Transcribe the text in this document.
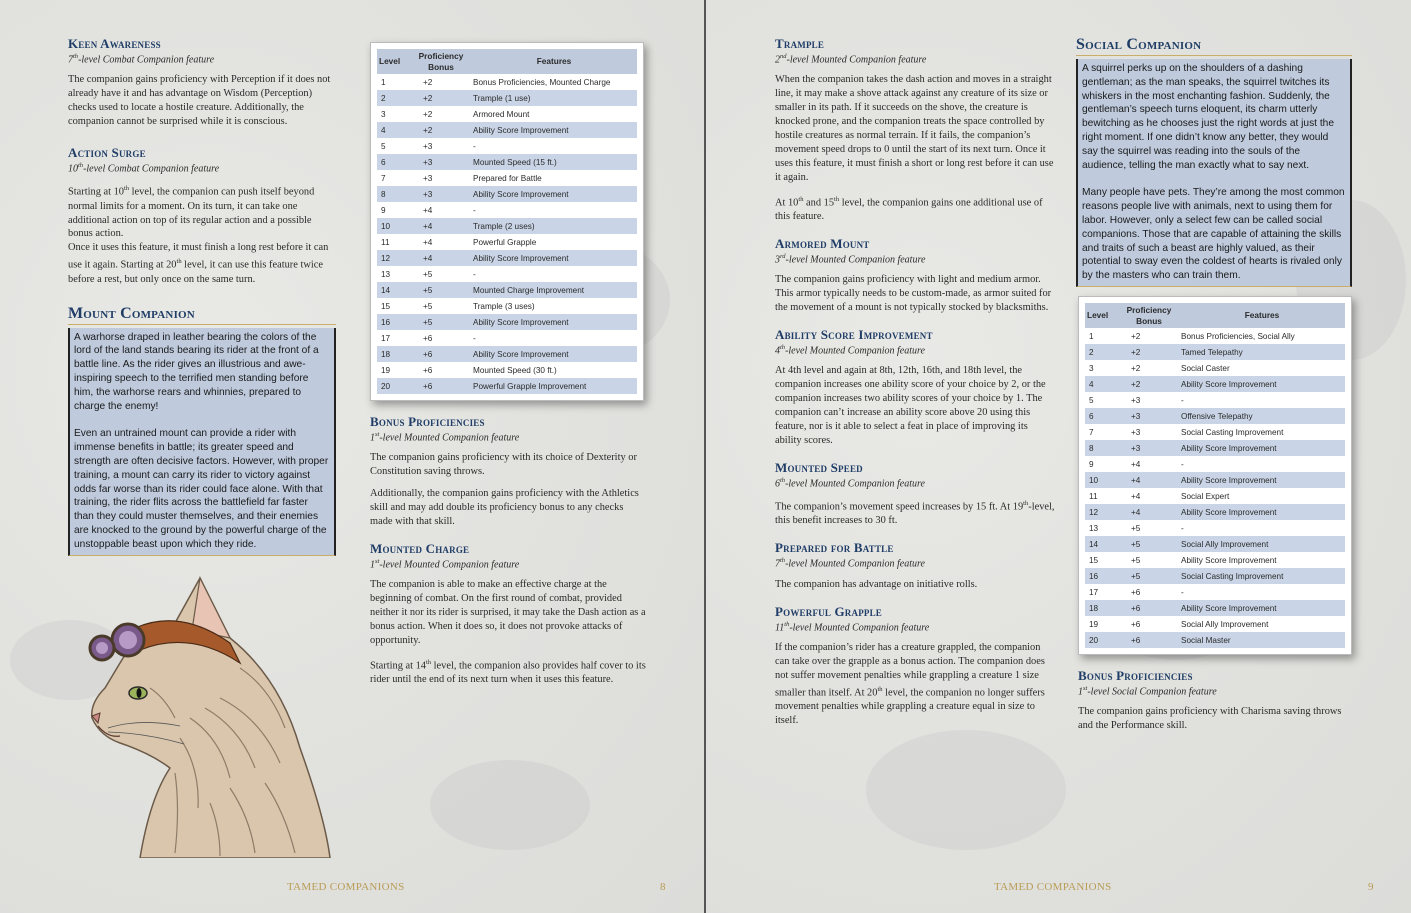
Keen Awareness
7th-level Combat Companion feature
The companion gains proficiency with Perception if it does not already have it and has advantage on Wisdom (Perception) checks used to locate a hostile creature. Additionally, the companion cannot be surprised while it is conscious.
Action Surge
10th-level Combat Companion feature
Starting at 10th level, the companion can push itself beyond normal limits for a moment. On its turn, it can take one additional action on top of its regular action and a possible bonus action.
Once it uses this feature, it must finish a long rest before it can use it again. Starting at 20th level, it can use this feature twice before a rest, but only once on the same turn.
Mount Companion

A warhorse draped in leather bearing the colors of the lord of the land stands bearing its rider at the front of a battle line. As the rider gives an illustrious and awe-inspiring speech to the terrified men standing before him, the warhorse rears and whinnies, prepared to charge the enemy!

Even an untrained mount can provide a rider with immense benefits in battle; its greater speed and strength are often decisive factors. However, with proper training, a mount can carry its rider to victory against odds far worse than its rider could face alone. With that training, the rider flits across the battlefield far faster than they could muster themselves, and their enemies are knocked to the ground by the powerful charge of the unstoppable beast upon which they ride.

Level	Proficiency Bonus	Features
1	+2	Bonus Proficiencies, Mounted Charge
2	+2	Trample (1 use)
3	+2	Armored Mount
4	+2	Ability Score Improvement
5	+3	-
6	+3	Mounted Speed (15 ft.)
7	+3	Prepared for Battle
8	+3	Ability Score Improvement
9	+4	-
10	+4	Trample (2 uses)
11	+4	Powerful Grapple
12	+4	Ability Score Improvement
13	+5	-
14	+5	Mounted Charge Improvement
15	+5	Trample (3 uses)
16	+5	Ability Score Improvement
17	+6	-
18	+6	Ability Score Improvement
19	+6	Mounted Speed (30 ft.)
20	+6	Powerful Grapple Improvement
Bonus Proficiencies
1st-level Mounted Companion feature
The companion gains proficiency with its choice of Dexterity or Constitution saving throws.
Additionally, the companion gains proficiency with the Athletics skill and may add double its proficiency bonus to any checks made with that skill.
Mounted Charge
1st-level Mounted Companion feature
The companion is able to make an effective charge at the beginning of combat. On the first round of combat, provided neither it nor its rider is surprised, it may take the Dash action as a bonus action. When it does so, it does not provoke attacks of opportunity.
Starting at 14th level, the companion also provides half cover to its rider until the end of its next turn when it uses this feature.
TAMED COMPANIONS	8
Trample
2nd-level Mounted Companion feature
When the companion takes the dash action and moves in a straight line, it may make a shove attack against any creature of its size or smaller in its path. If it succeeds on the shove, the creature is knocked prone, and the companion treats the space controlled by hostile creatures as normal terrain. If it fails, the companion’s movement speed drops to 0 until the start of its next turn. Once it uses this feature, it must finish a short or long rest before it can use it again.
At 10th and 15th level, the companion gains one additional use of this feature.
Armored Mount
3rd-level Mounted Companion feature
The companion gains proficiency with light and medium armor. This armor typically needs to be custom-made, as armor suited for the movement of a mount is not typically stocked by blacksmiths.
Ability Score Improvement
4th-level Mounted Companion feature
At 4th level and again at 8th, 12th, 16th, and 18th level, the companion increases one ability score of your choice by 2, or the companion increases two ability scores of your choice by 1. The companion can’t increase an ability score above 20 using this feature, nor is it able to select a feat in place of improving its ability scores.
Mounted Speed
6th-level Mounted Companion feature
The companion’s movement speed increases by 15 ft. At 19th-level, this benefit increases to 30 ft.
Prepared for Battle
7th-level Mounted Companion feature
The companion has advantage on initiative rolls.
Powerful Grapple
11th-level Mounted Companion feature
If the companion’s rider has a creature grappled, the companion can take over the grapple as a bonus action. The companion does not suffer movement penalties while grappling a creature 1 size smaller than itself. At 20th level, the companion no longer suffers movement penalties while grappling a creature equal in size to itself.
Social Companion

A squirrel perks up on the shoulders of a dashing gentleman; as the man speaks, the squirrel twitches its whiskers in the most enchanting fashion. Suddenly, the gentleman’s speech turns eloquent, its charm utterly bewitching as he chooses just the right words at just the right moment. If one didn’t know any better, they would say the squirrel was reading into the souls of the audience, telling the man exactly what to say next.

Many people have pets. They’re among the most common reasons people live with animals, next to using them for labor. However, only a select few can be called social companions. Those that are capable of attaining the skills and traits of such a beast are highly valued, as their potential to sway even the coldest of hearts is rivaled only by the masters who can train them.

Level	Proficiency Bonus	Features
1	+2	Bonus Proficiencies, Social Ally
2	+2	Tamed Telepathy
3	+2	Social Caster
4	+2	Ability Score Improvement
5	+3	-
6	+3	Offensive Telepathy
7	+3	Social Casting Improvement
8	+3	Ability Score Improvement
9	+4	-
10	+4	Ability Score Improvement
11	+4	Social Expert
12	+4	Ability Score Improvement
13	+5	-
14	+5	Social Ally Improvement
15	+5	Ability Score Improvement
16	+5	Social Casting Improvement
17	+6	-
18	+6	Ability Score Improvement
19	+6	Social Ally Improvement
20	+6	Social Master
Bonus Proficiencies
1st-level Social Companion feature
The companion gains proficiency with Charisma saving throws and the Performance skill.
TAMED COMPANIONS	9
